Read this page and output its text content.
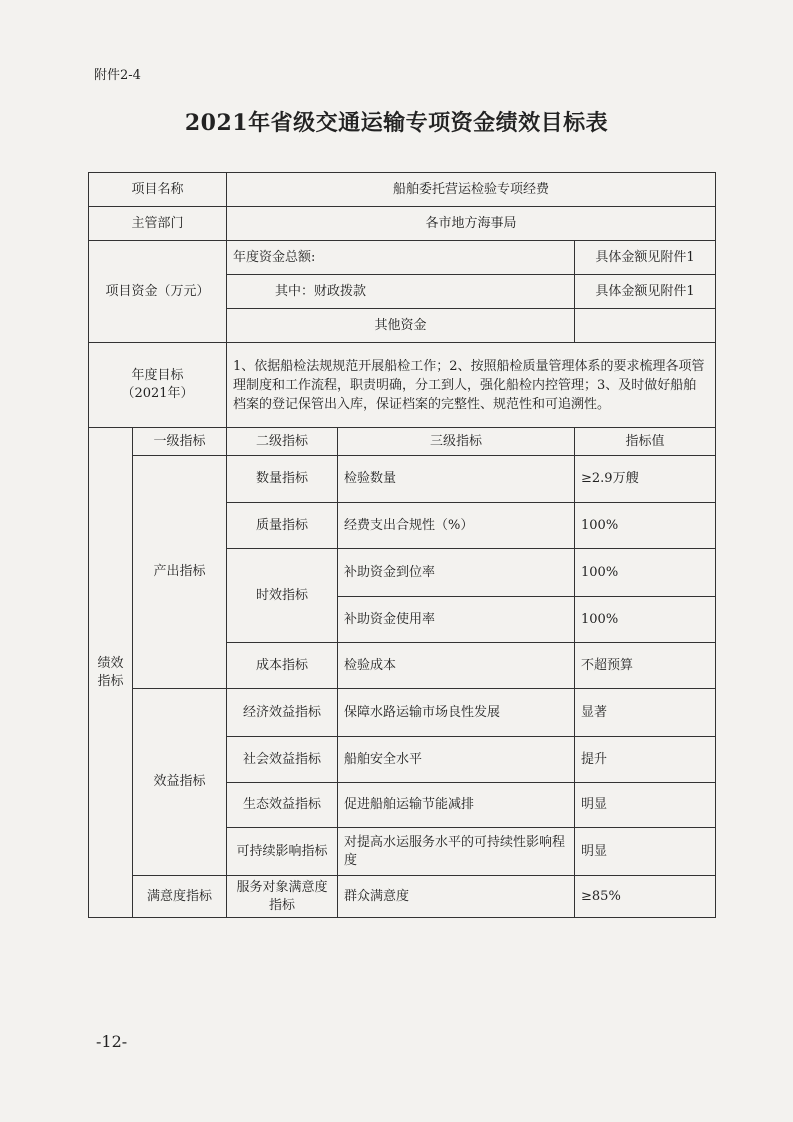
附件2-4
2021年省级交通运输专项资金绩效目标表
项目名称		船舶委托营运检验专项经费		
主管部门		各市地方海事局		
项目资金（万元）		年度资金总额:		具体金额见附件1
		其中：财政拨款		具体金额见附件1
		其他资金		

年度目标
（2021年）		1、依据船检法规规范开展船检工作；2、按照船检质量管理体系的要求梳理各项管理制度和工作流程，职责明确，分工到人，强化船检内控管理；3、及时做好船舶档案的登记保管出入库，保证档案的完整性、规范性和可追溯性。		

绩效
指标	一级指标	二级指标	三级指标	指标值
	产出指标	数量指标	检验数量	≥2.9万艘
		质量指标	经费支出合规性（%）	100%
		时效指标	补助资金到位率	100%
			补助资金使用率	100%
		成本指标	检验成本	不超预算
	效益指标	经济效益指标	保障水路运输市场良性发展	显著
		社会效益指标	船舶安全水平	提升
		生态效益指标	促进船舶运输节能减排	明显
		可持续影响指标	对提高水运服务水平的可持续性影响程度	明显
	满意度指标	服务对象满意度指标	群众满意度	≥85%
-12-
